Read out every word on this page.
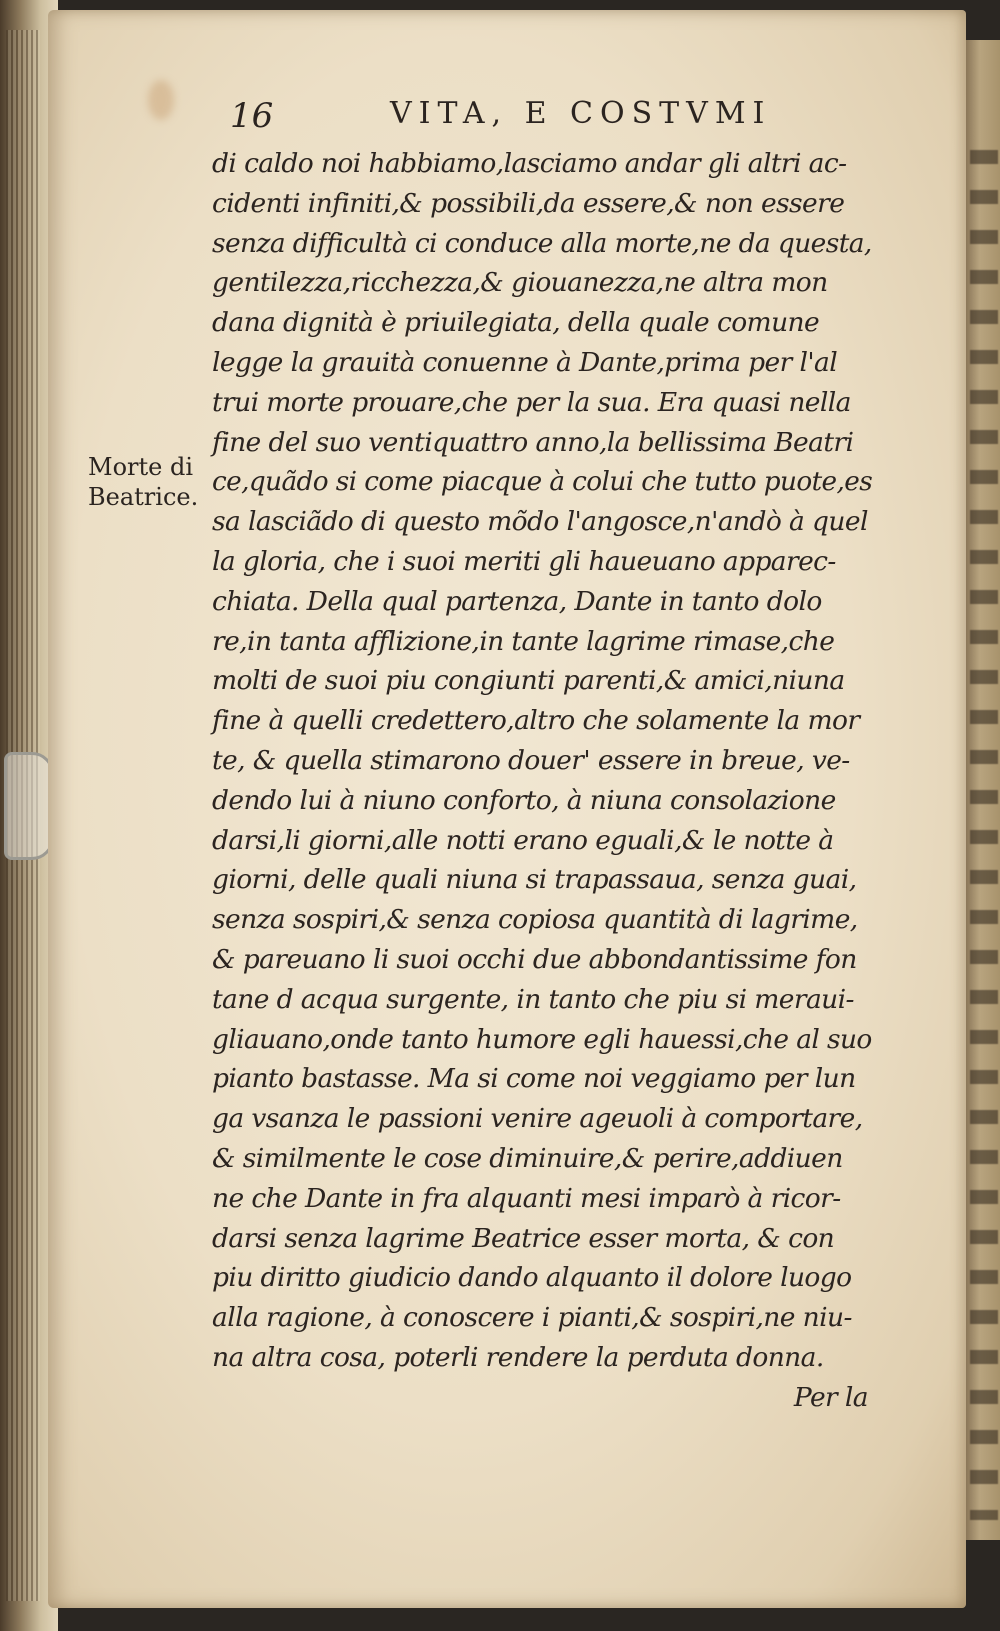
16	VITA, E COSTVMI
Morte di
Beatrice.
di caldo noi habbiamo,lasciamo andar gli altri ac-
cidenti infiniti,& possibili,da essere,& non essere
senza difficultà ci conduce alla morte,ne da questa,
gentilezza,ricchezza,& giouanezza,ne altra mon
dana dignità è priuilegiata, della quale comune
legge la grauità conuenne à Dante,prima per l'al
trui morte prouare,che per la sua. Era quasi nella
fine del suo ventiquattro anno,la bellissima Beatri
ce,quãdo si come piacque à colui che tutto puote,es
sa lasciãdo di questo mõdo l'angosce,n'andò à quel
la gloria, che i suoi meriti gli haueuano apparec-
chiata. Della qual partenza, Dante in tanto dolo
re,in tanta afflizione,in tante lagrime rimase,che
molti de suoi piu congiunti parenti,& amici,niuna
fine à quelli credettero,altro che solamente la mor
te, & quella stimarono douer' essere in breue, ve-
dendo lui à niuno conforto, à niuna consolazione
darsi,li giorni,alle notti erano eguali,& le notte à
giorni, delle quali niuna si trapassaua, senza guai,
senza sospiri,& senza copiosa quantità di lagrime,
& pareuano li suoi occhi due abbondantissime fon
tane d acqua surgente, in tanto che piu si meraui-
gliauano,onde tanto humore egli hauessi,che al suo
pianto bastasse. Ma si come noi veggiamo per lun
ga vsanza le passioni venire ageuoli à comportare,
& similmente le cose diminuire,& perire,addiuen
ne che Dante in fra alquanti mesi imparò à ricor-
darsi senza lagrime Beatrice esser morta, & con
piu diritto giudicio dando alquanto il dolore luogo
alla ragione, à conoscere i pianti,& sospiri,ne niu-
na altra cosa, poterli rendere la perduta donna.
Per la
